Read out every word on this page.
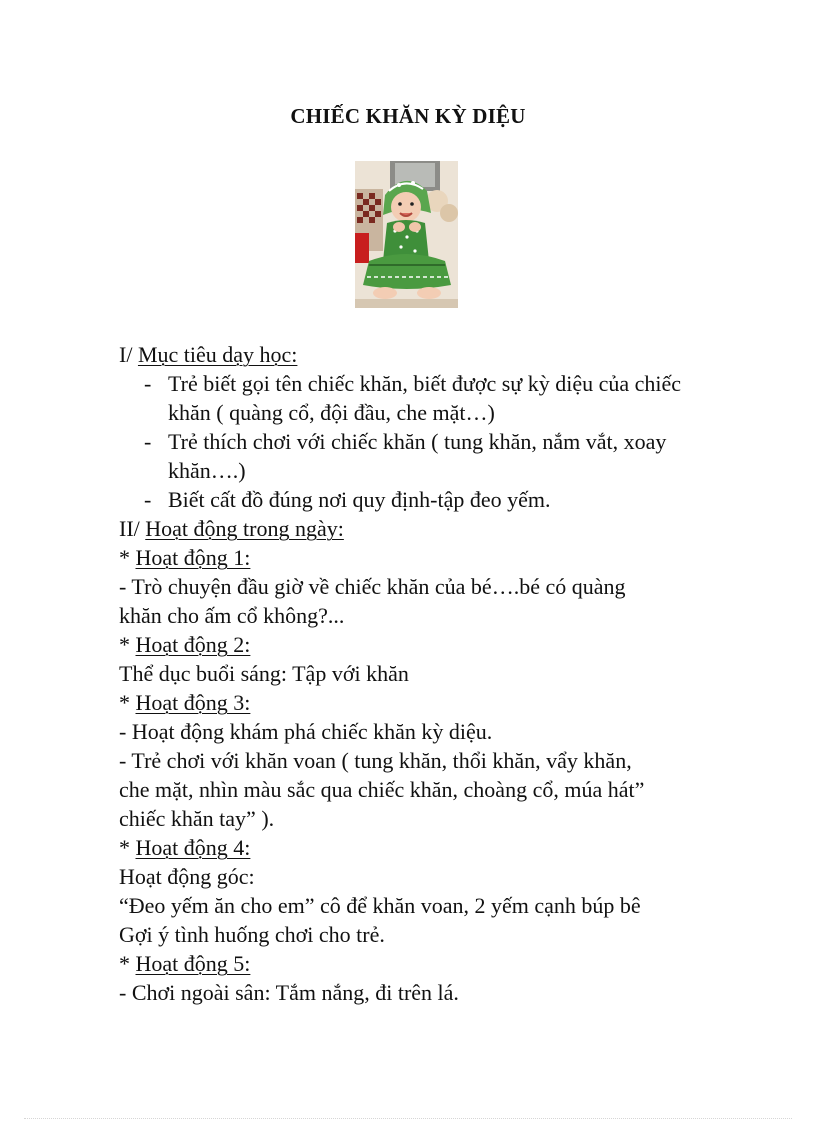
CHIẾC KHĂN KỲ DIỆU
I/ Mục tiêu dạy học:
- Trẻ biết gọi tên chiếc khăn, biết được sự kỳ diệu của chiếc khăn ( quàng cổ, đội đầu, che mặt…)
- Trẻ thích chơi với chiếc khăn ( tung khăn, nắm vắt, xoay khăn….)
- Biết cất đồ đúng nơi quy định-tập đeo yếm.
II/ Hoạt động trong ngày:
* Hoạt động 1:
- Trò chuyện đầu giờ về chiếc khăn của bé….bé có quàng
khăn cho ấm cổ không?...
* Hoạt động 2:
Thể dục buổi sáng: Tập với khăn
* Hoạt động 3:
- Hoạt động khám phá chiếc khăn kỳ diệu.
- Trẻ chơi với khăn voan ( tung khăn, thổi khăn, vẩy khăn,
che mặt, nhìn màu sắc qua chiếc khăn, choàng cổ, múa hát”
chiếc khăn tay” ).
* Hoạt động 4:
Hoạt động góc:
“Đeo yếm ăn cho em” cô để khăn voan, 2 yếm cạnh búp bê
Gợi ý tình huống chơi cho trẻ.
* Hoạt động 5:
- Chơi ngoài sân: Tắm nắng, đi trên lá.
